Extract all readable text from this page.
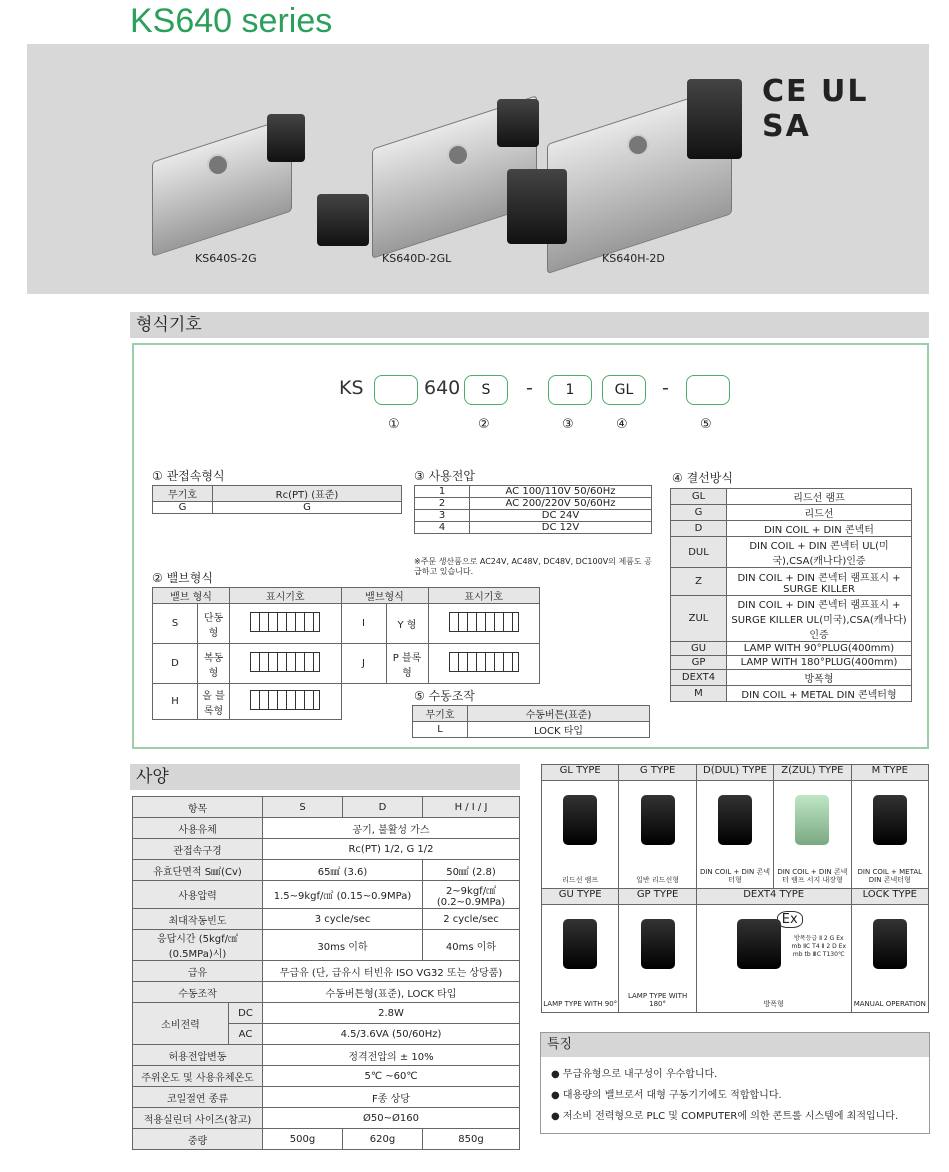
KS640 series
KS640S-2G	KS640D-2GL	KS640H-2D
CE UL SA
형식기호
KS	640	S	-	1	GL	-
①	②	③	④	⑤
① 관접속형식
무기호	Rc(PT) (표준)
G	G
③ 사용전압
1	AC 100/110V 50/60Hz
2	AC 200/220V 50/60Hz
3	DC 24V
4	DC 12V
※주문 생산품으로 AC24V, AC48V, DC48V, DC100V의 제품도 공급하고 있습니다.
② 밸브형식
밸브 형식		표시기호	밸브형식		표시기호
S	단동형		I	Y 형	
D	복동형		J	P 블록형	
H	올 블록형				
⑤ 수동조작
무기호	수동버튼(표준)
L	LOCK 타입
④ 결선방식
GL	리드선 램프
G	리드선
D	DIN COIL + DIN 콘넥터
DUL	DIN COIL + DIN 콘넥터 UL(미국),CSA(캐나다)인증
Z	DIN COIL + DIN 콘넥터 램프표시 + SURGE KILLER
ZUL	DIN COIL + DIN 콘넥터 램프표시 + SURGE KILLER UL(미국),CSA(캐나다)인증
GU	LAMP WITH 90°PLUG(400mm)
GP	LAMP WITH 180°PLUG(400mm)
DEXT4	방폭형
M	DIN COIL + METAL DIN 콘넥터형
사양
항목		S	D	H / I / J
사용유체		공기, 불활성 가스		
관접속구경		Rc(PT) 1/2, G 1/2		
유효단면적 S㎟(Cv)		65㎟ (3.6)		50㎟ (2.8)
사용압력		1.5~9kgf/㎠ (0.15~0.9MPa)		2~9kgf/㎠ (0.2~0.9MPa)
최대작동빈도		3 cycle/sec		2 cycle/sec
응답시간 (5kgf/㎠ (0.5MPa)시)		30ms 이하		40ms 이하
급유		무급유 (단, 급유시 터빈유 ISO VG32 또는 상당품)		
수동조작		수동버튼형(표준), LOCK 타입		
소비전력	DC	2.8W		
	AC	4.5/3.6VA (50/60Hz)		
허용전압변동		정격전압의 ± 10%		
주위온도 및 사용유체온도		5℃ ~60℃		
코일절연 종류		F종 상당		
적용실린더 사이즈(참고)		Ø50~Ø160		
중량		500g	620g	850g
GL TYPE	G TYPE	D(DUL) TYPE	Z(ZUL) TYPE	M TYPE

리드선 램프	일반 리드선형	DIN COIL + DIN 콘넥터형	DIN COIL + DIN 콘넥터 램프 서지 내장형	DIN COIL + METAL DIN 콘넥터형

GU TYPE	GP TYPE	DEXT4 TYPE		LOCK TYPE

LAMP TYPE WITH 90°	LAMP TYPE WITH 180°	Ex
방폭등급 Ⅱ 2 G Ex mb ⅡC T4 Ⅱ 2 D Ex mb tb ⅢC T130℃
방폭형		MANUAL OPERATION
특징
● 무급유형으로 내구성이 우수합니다.
● 대용량의 밸브로서 대형 구동기기에도 적합합니다.
● 저소비 전력형으로 PLC 및 COMPUTER에 의한 콘트롤 시스템에 최적입니다.
